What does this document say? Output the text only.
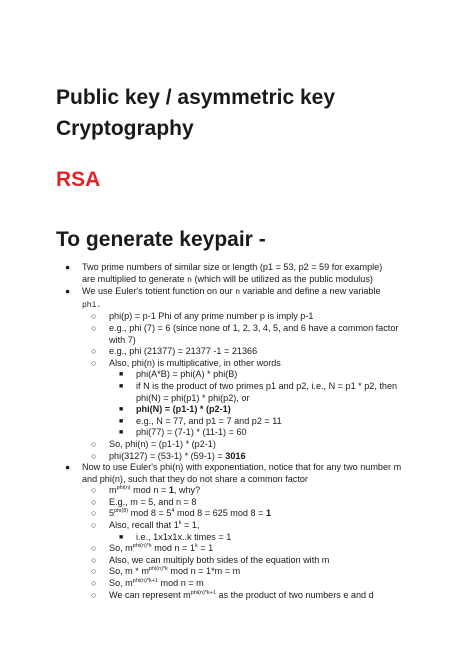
Public key / asymmetric key
Cryptography
RSA
To generate keypair -
● Two prime numbers of similar size or length (p1 = 53, p2 = 59 for example)
are multiplied to generate n (which will be utilized as the public modulus)
● We use Euler's totient function on our n variable and define a new variable
phi.
○ phi(p) = p-1 Phi of any prime number p is imply p-1
○ e.g., phi (7) = 6 (since none of 1, 2, 3, 4, 5, and 6 have a common factor
with 7)
○ e.g., phi (21377) = 21377 -1 = 21366
○ Also, phi(n) is multiplicative, in other words
■ phi(A*B) = phi(A) * phi(B)
■ if N is the product of two primes p1 and p2, i.e., N = p1 * p2, then
phi(N) = phi(p1) * phi(p2), or
■ phi(N) = (p1-1) * (p2-1)
■ e.g., N = 77, and p1 = 7 and p2 = 11
■ phi(77) = (7-1) * (11-1) = 60
○ So, phi(n) = (p1-1) * (p2-1)
○ phi(3127) = (53-1) * (59-1) = 3016
● Now to use Euler's phi(n) with exponentiation, notice that for any two number m
and phi(n), such that they do not share a common factor
○ $m^{phi(n)}$ mod n = 1, why?
○ E.g., m = 5, and n = 8
○ $5^{phi(8)}$ mod $8 = 5^4$ mod 8 = 625 mod 8 = 1
○ Also, recall that $1^k = 1$,
■ i.e., 1x1x1x..k times = 1
○ So, $m^{phi(n)*k}$ mod $n = 1^k = 1$
○ Also, we can multiply both sides of the equation with m
○ So, m * $m^{phi(n)*k}$ mod n = 1*m = m
○ So, $m^{phi(n)*k+1}$ mod n = m
○ We can represent $m^{phi(n)*k+1}$ as the product of two numbers e and d
